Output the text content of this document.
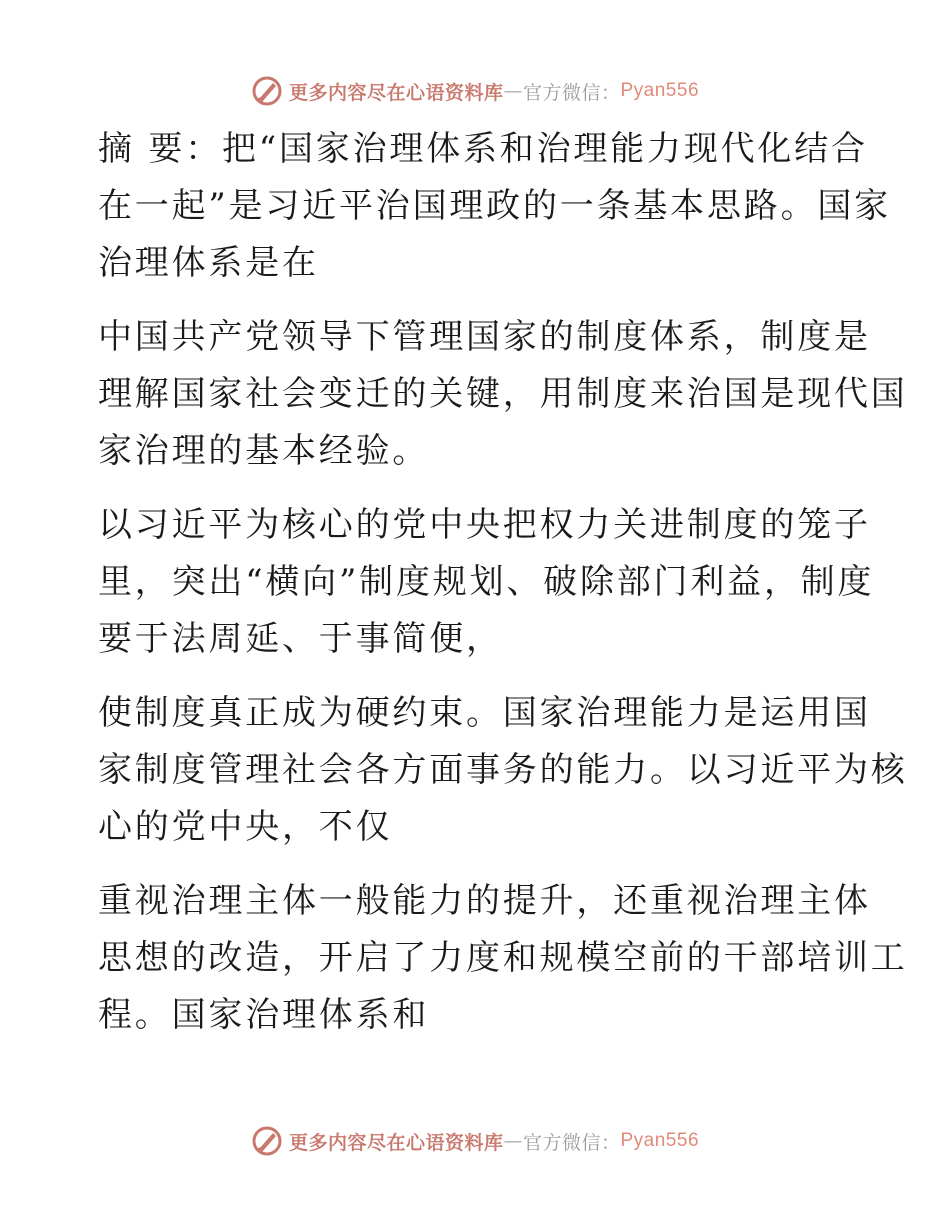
更多内容尽在心语资料库 — 官方微信： Pyan556

摘 要：把“国家治理体系和治理能力现代化结合
在一起”是习近平治国理政的一条基本思路。国家
治理体系是在

中国共产党领导下管理国家的制度体系，制度是
理解国家社会变迁的关键，用制度来治国是现代国
家治理的基本经验。

以习近平为核心的党中央把权力关进制度的笼子
里，突出“横向”制度规划、破除部门利益，制度
要于法周延、于事简便，

使制度真正成为硬约束。国家治理能力是运用国
家制度管理社会各方面事务的能力。以习近平为核
心的党中央，不仅

重视治理主体一般能力的提升，还重视治理主体
思想的改造，开启了力度和规模空前的干部培训工
程。国家治理体系和

更多内容尽在心语资料库 — 官方微信： Pyan556
